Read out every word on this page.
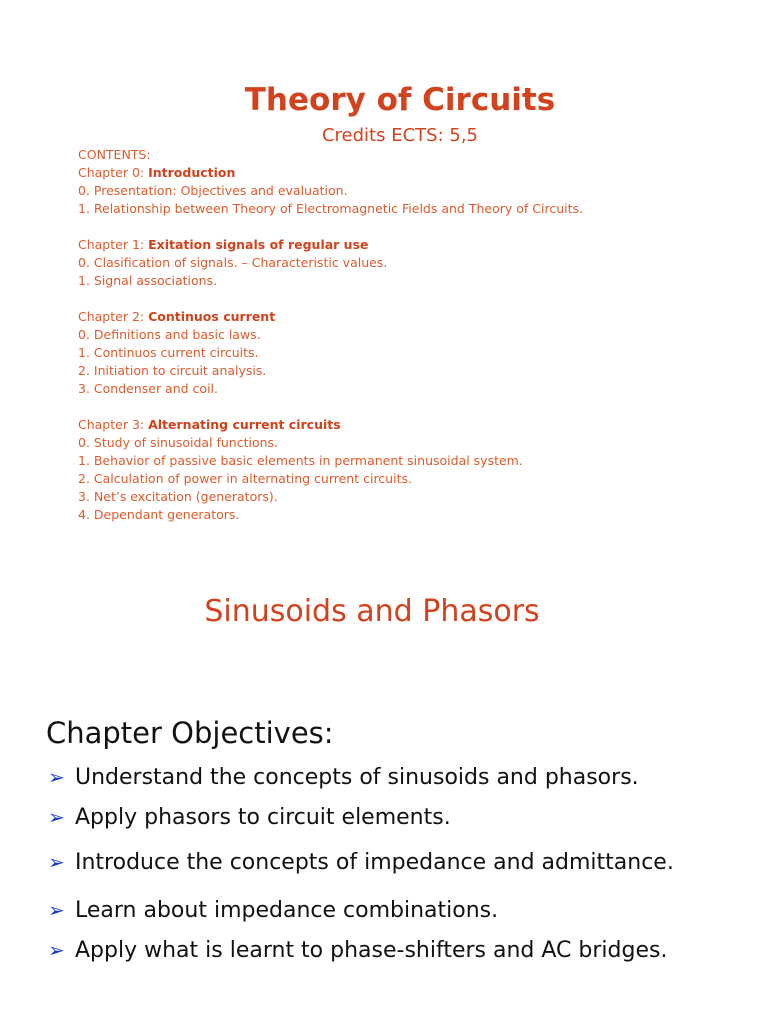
Theory of Circuits
Credits ECTS: 5,5
CONTENTS:
Chapter 0: Introduction
0. Presentation: Objectives and evaluation.
1. Relationship between Theory of Electromagnetic Fields and Theory of Circuits.
Chapter 1: Exitation signals of regular use
0. Clasification of signals. – Characteristic values.
1. Signal associations.
Chapter 2: Continuos current
0. Definitions and basic laws.
1. Continuos current circuits.
2. Initiation to circuit analysis.
3. Condenser and coil.
Chapter 3: Alternating current circuits
0. Study of sinusoidal functions.
1. Behavior of passive basic elements in permanent sinusoidal system.
2. Calculation of power in alternating current circuits.
3. Net’s excitation (generators).
4. Dependant generators.
Sinusoids and Phasors
Chapter Objectives:
➢ Understand the concepts of sinusoids and phasors.
➢ Apply phasors to circuit elements.
➢ Introduce the concepts of impedance and admittance.
➢ Learn about impedance combinations.
➢ Apply what is learnt to phase-shifters and AC bridges.
